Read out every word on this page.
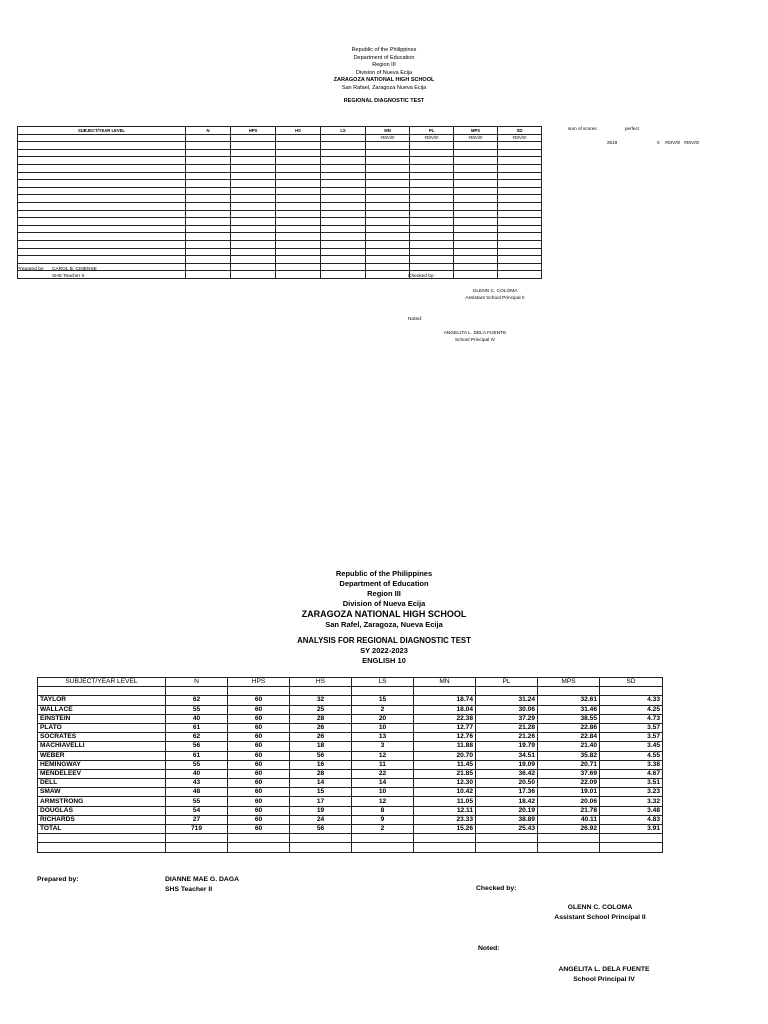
Republic of the Philippines
Department of Education
Region III
Division of Nueva Ecija
ZARAGOZA NATIONAL HIGH SCHOOL
San Rafael, Zaragoza Nueva Ecija
REGIONAL DIAGNOSTIC TEST
SUBJECT/YEAR LEVEL	N	HPS	HS	LS	MN	PL	MPS	SD
					#DIV/0!	#DIV/0!	#DIV/0!	#DIV/0!

sum of scores	perfect
2619	0 #DIV/0! #DIV/0!
Prepared by: CAROL B. CINENSE
SHS Teacher II	Checked by:
GLENN C. COLOMA
Assistant School Principal II
Noted:
ANGELITA L. DELA FUENTE
School Principal IV
Republic of the Philippines
Department of Education
Region III
Division of Nueva Ecija
ZARAGOZA NATIONAL HIGH SCHOOL
San Rafel, Zaragoza, Nueva Ecija
ANALYSIS FOR REGIONAL DIAGNOSTIC TEST
SY 2022-2023
ENGLISH 10
SUBJECT/YEAR LEVEL	N	HPS	HS	LS	MN	PL	MPS	SD

TAYLOR	62	60	32	15	18.74	31.24	32.61	4.33
WALLACE	55	60	25	2	18.04	30.06	31.46	4.25
EINSTEIN	40	60	28	20	22.38	37.29	38.55	4.73
PLATO	61	60	26	10	12.77	21.28	22.86	3.57
SOCRATES	62	60	26	13	12.76	21.26	22.84	3.57
MACHIAVELLI	56	60	18	3	11.88	19.79	21.40	3.45
WEBER	61	60	56	12	20.70	34.51	35.82	4.55
HEMINGWAY	55	60	16	11	11.45	19.09	20.71	3.38
MENDELEEV	40	60	28	22	21.85	36.42	37.69	4.67
DELL	43	60	14	14	12.30	20.50	22.09	3.51
SMAW	48	60	15	10	10.42	17.36	19.01	3.23
ARMSTRONG	55	60	17	12	11.05	18.42	20.06	3.32
DOUGLAS	54	60	19	8	12.11	20.19	21.78	3.48
RICHARDS	27	60	24	9	23.33	38.89	40.11	4.83
TOTAL	719	60	56	2	15.26	25.43	26.92	3.91

Prepared by:	DIANNE MAE G. DAGA
SHS Teacher II	Checked by:
GLENN C. COLOMA
Assistant School Principal II
Noted:
ANGELITA L. DELA FUENTE
School Principal IV
